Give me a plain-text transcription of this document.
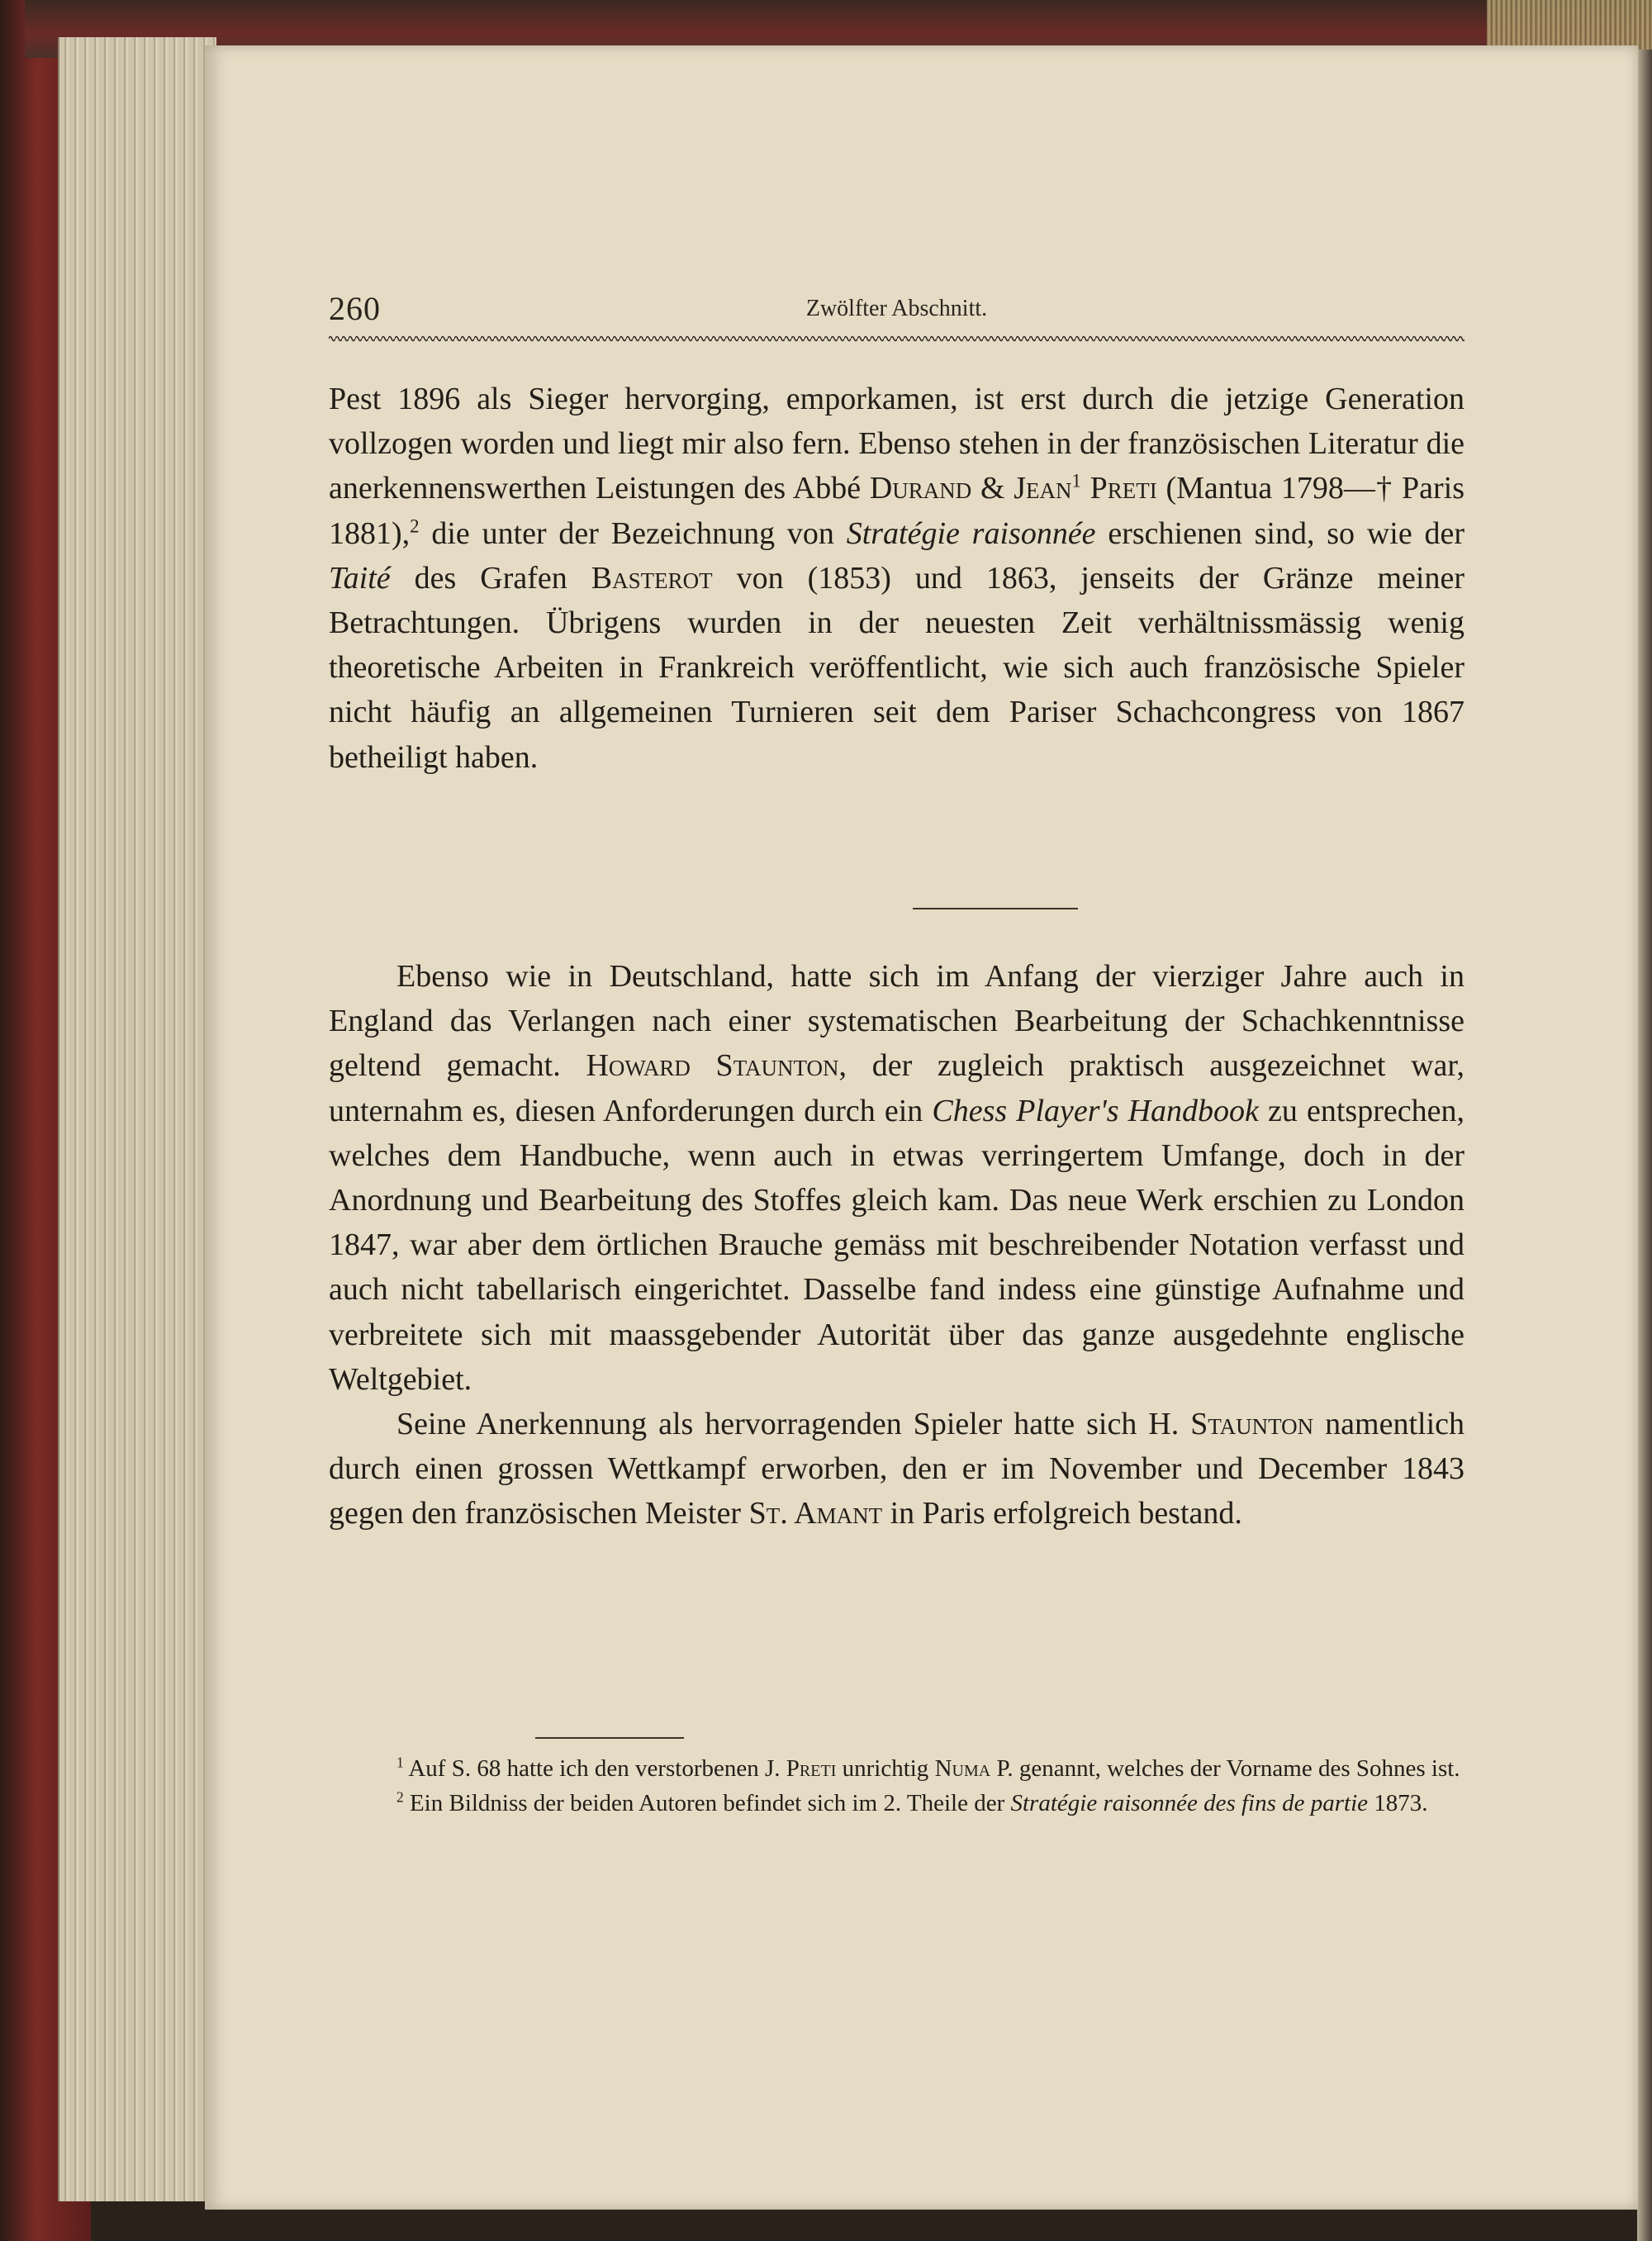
260	Zwölfter Abschnitt.

Pest 1896 als Sieger hervorging, emporkamen, ist erst durch die jetzige Generation vollzogen worden und liegt mir also fern. Ebenso stehen in der französischen Literatur die anerkennenswerthen Leistungen des Abbé Durand & Jean$^1$ Preti (Mantua 1798—† Paris 1881),$^2$ die unter der Bezeichnung von Stratégie raisonnée erschienen sind, so wie der Taité des Grafen Basterot von (1853) und 1863, jenseits der Gränze meiner Betrachtungen. Übrigens wurden in der neuesten Zeit verhältnissmässig wenig theoretische Arbeiten in Frankreich veröffentlicht, wie sich auch französische Spieler nicht häufig an allgemeinen Turnieren seit dem Pariser Schachcongress von 1867 betheiligt haben.

Ebenso wie in Deutschland, hatte sich im Anfang der vierziger Jahre auch in England das Verlangen nach einer systematischen Bearbeitung der Schachkenntnisse geltend gemacht. Howard Staunton, der zugleich praktisch ausgezeichnet war, unternahm es, diesen Anforderungen durch ein Chess Player's Handbook zu entsprechen, welches dem Handbuche, wenn auch in etwas verringertem Umfange, doch in der Anordnung und Bearbeitung des Stoffes gleich kam. Das neue Werk erschien zu London 1847, war aber dem örtlichen Brauche gemäss mit beschreibender Notation verfasst und auch nicht tabellarisch eingerichtet. Dasselbe fand indess eine günstige Aufnahme und verbreitete sich mit maassgebender Autorität über das ganze ausgedehnte englische Weltgebiet.

Seine Anerkennung als hervorragenden Spieler hatte sich H. Staunton namentlich durch einen grossen Wettkampf erworben, den er im November und December 1843 gegen den französischen Meister St. Amant in Paris erfolgreich bestand.

$^1$ Auf S. 68 hatte ich den verstorbenen J. Preti unrichtig Numa P. genannt, welches der Vorname des Sohnes ist.

$^2$ Ein Bildniss der beiden Autoren befindet sich im 2. Theile der Stratégie raisonnée des fins de partie 1873.
